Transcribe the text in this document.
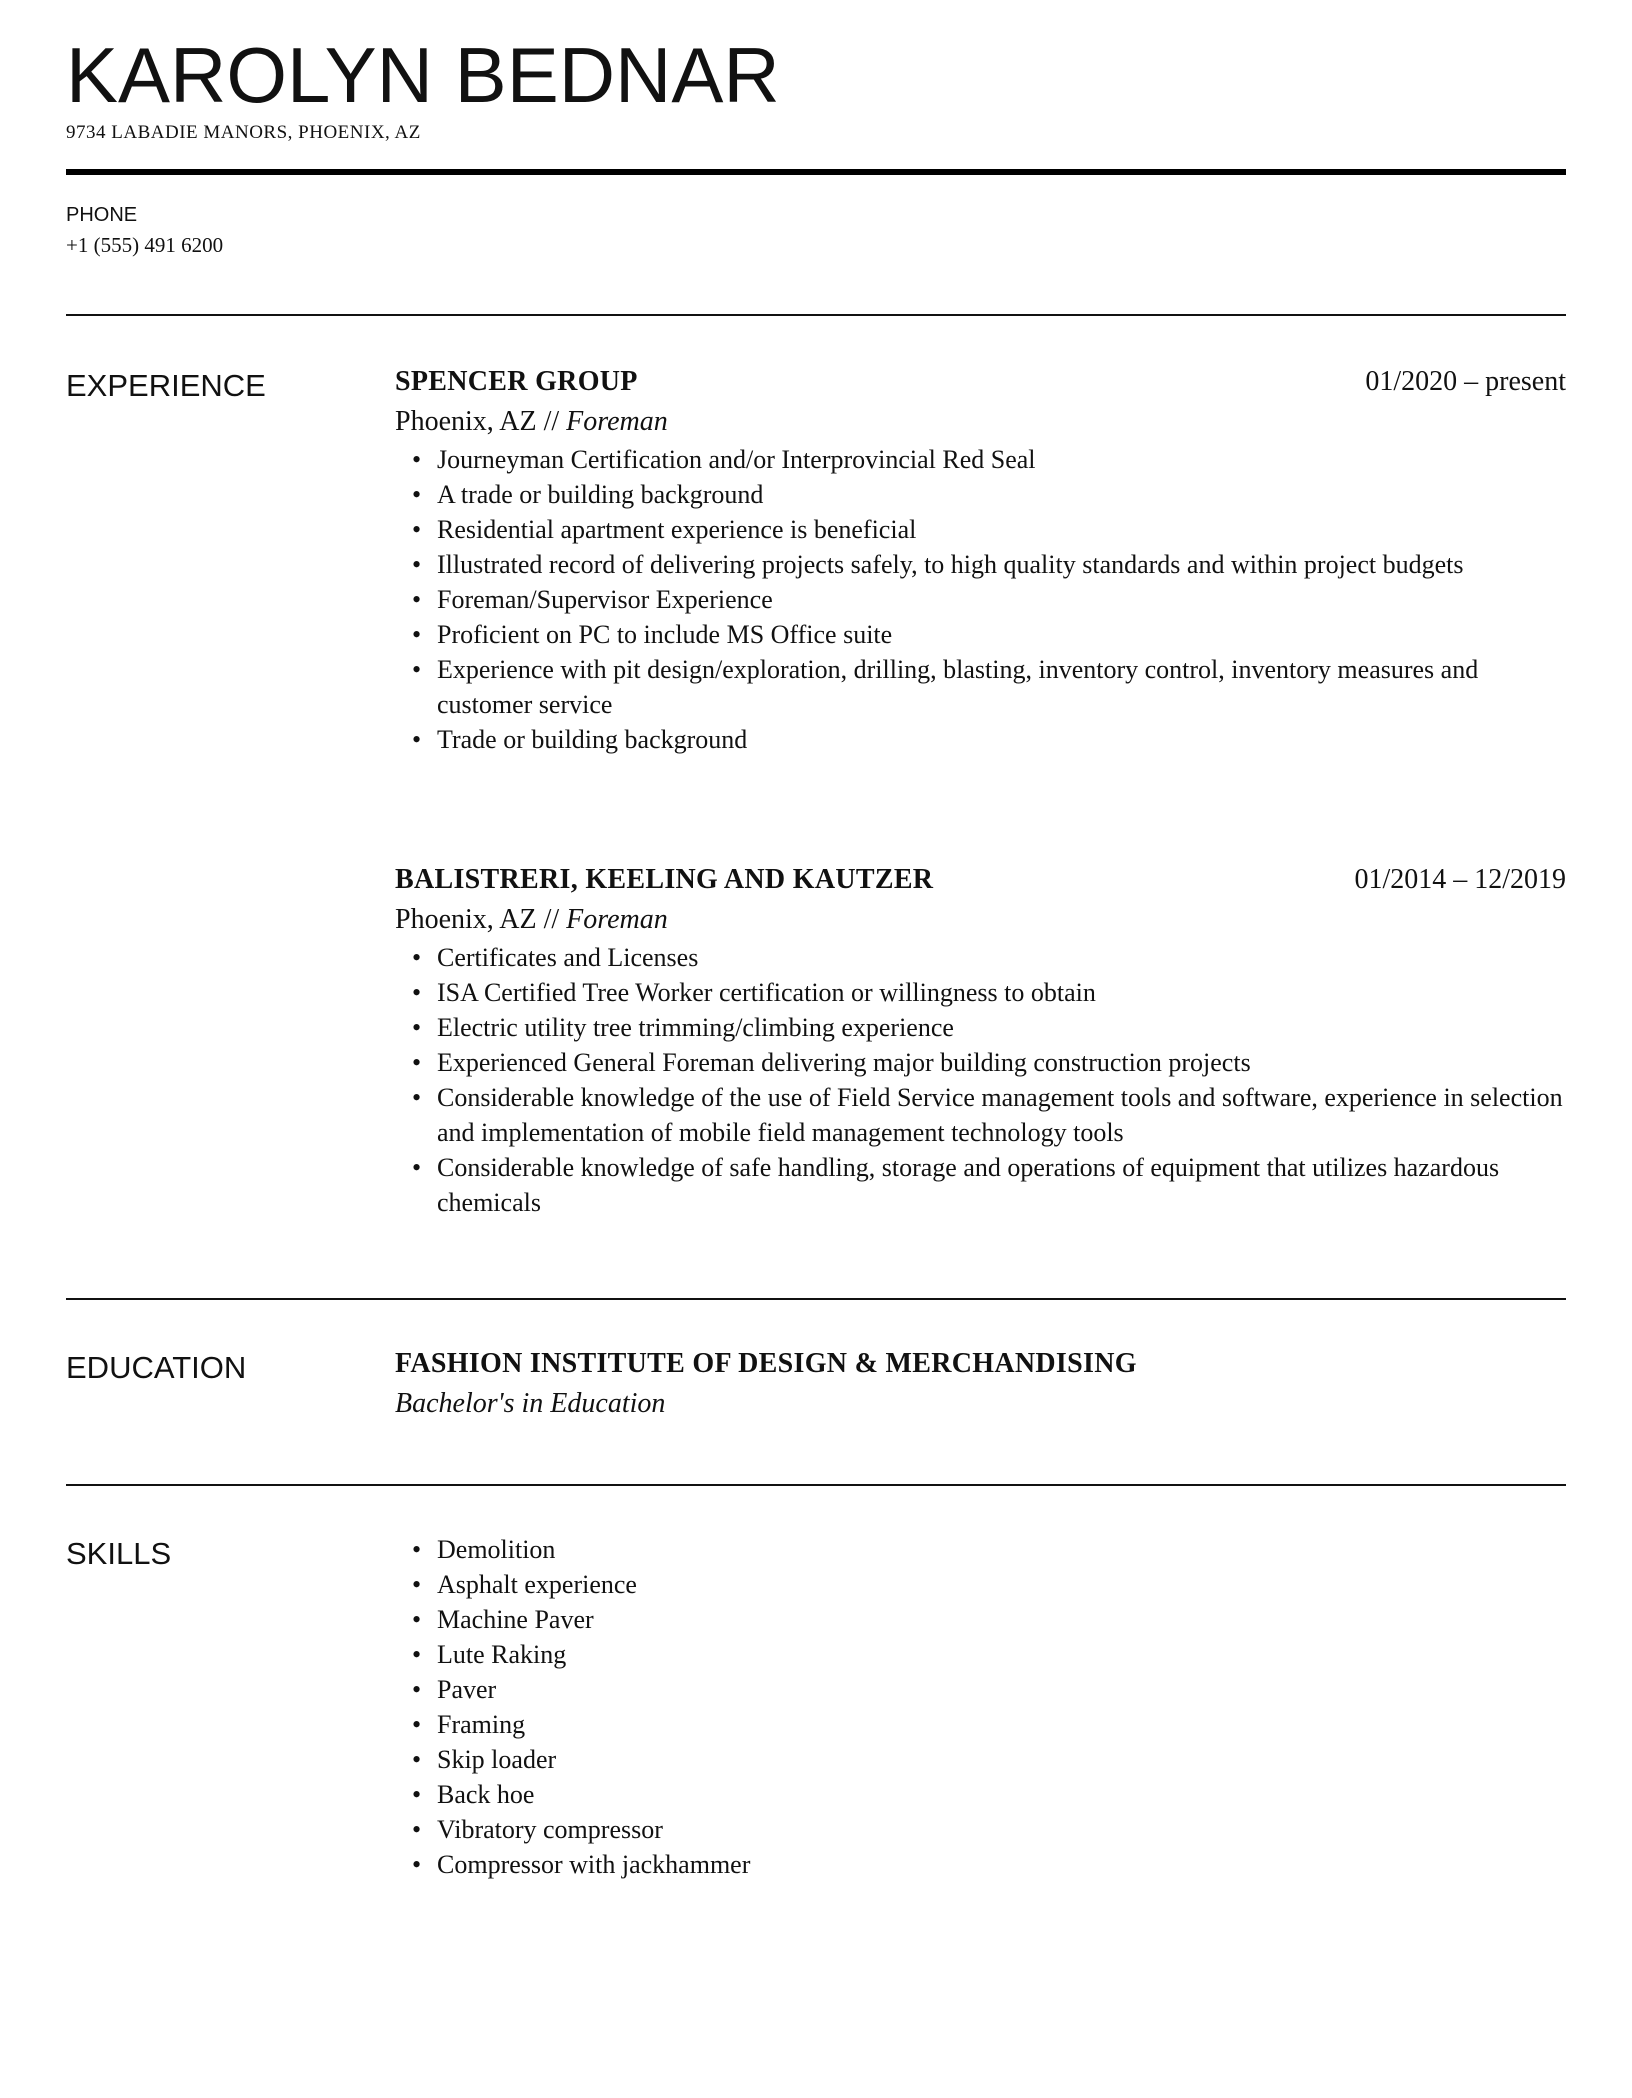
KAROLYN BEDNAR
9734 LABADIE MANORS, PHOENIX, AZ
PHONE
+1 (555) 491 6200
EXPERIENCE	SPENCER GROUP	01/2020 – present
Phoenix, AZ // Foreman
• Journeyman Certification and/or Interprovincial Red Seal
• A trade or building background
• Residential apartment experience is beneficial
• Illustrated record of delivering projects safely, to high quality standards and within project budgets
• Foreman/Supervisor Experience
• Proficient on PC to include MS Office suite
• Experience with pit design/exploration, drilling, blasting, inventory control, inventory measures and customer service
• Trade or building background
BALISTRERI, KEELING AND KAUTZER	01/2014 – 12/2019
Phoenix, AZ // Foreman
• Certificates and Licenses
• ISA Certified Tree Worker certification or willingness to obtain
• Electric utility tree trimming/climbing experience
• Experienced General Foreman delivering major building construction projects
• Considerable knowledge of the use of Field Service management tools and software, experience in selection and implementation of mobile field management technology tools
• Considerable knowledge of safe handling, storage and operations of equipment that utilizes hazardous chemicals
EDUCATION	FASHION INSTITUTE OF DESIGN & MERCHANDISING
Bachelor's in Education
SKILLS
•	Demolition
• Asphalt experience
• Machine Paver
• Lute Raking
• Paver
• Framing
• Skip loader
• Back hoe
• Vibratory compressor
• Compressor with jackhammer
